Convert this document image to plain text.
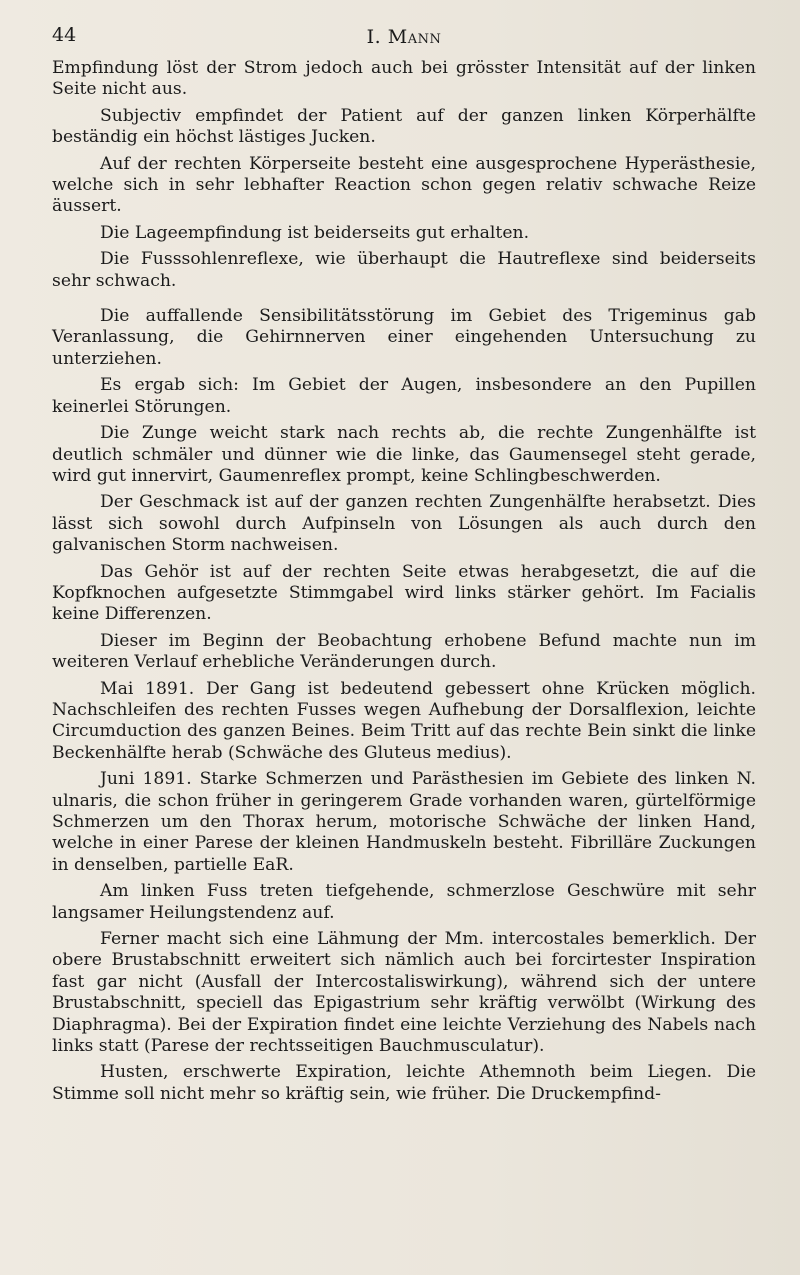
44	I. Mann

Empfindung löst der Strom jedoch auch bei grösster Intensität auf der linken Seite nicht aus.

Subjectiv empfindet der Patient auf der ganzen linken Körperhälfte beständig ein höchst lästiges Jucken.

Auf der rechten Körperseite besteht eine ausgesprochene Hyperästhesie, welche sich in sehr lebhafter Reaction schon gegen relativ schwache Reize äussert.

Die Lageempfindung ist beiderseits gut erhalten.

Die Fusssohlenreflexe, wie überhaupt die Hautreflexe sind beiderseits sehr schwach.

Die auffallende Sensibilitätsstörung im Gebiet des Trigeminus gab Veranlassung, die Gehirnnerven einer eingehenden Untersuchung zu unterziehen.

Es ergab sich: Im Gebiet der Augen, insbesondere an den Pupillen keinerlei Störungen.

Die Zunge weicht stark nach rechts ab, die rechte Zungenhälfte ist deutlich schmäler und dünner wie die linke, das Gaumensegel steht gerade, wird gut innervirt, Gaumenreflex prompt, keine Schlingbeschwerden.

Der Geschmack ist auf der ganzen rechten Zungenhälfte herabsetzt. Dies lässt sich sowohl durch Aufpinseln von Lösungen als auch durch den galvanischen Storm nachweisen.

Das Gehör ist auf der rechten Seite etwas herabgesetzt, die auf die Kopfknochen aufgesetzte Stimmgabel wird links stärker gehört. Im Facialis keine Differenzen.

Dieser im Beginn der Beobachtung erhobene Befund machte nun im weiteren Verlauf erhebliche Veränderungen durch.

Mai 1891. Der Gang ist bedeutend gebessert ohne Krücken möglich. Nachschleifen des rechten Fusses wegen Aufhebung der Dorsalflexion, leichte Circumduction des ganzen Beines. Beim Tritt auf das rechte Bein sinkt die linke Beckenhälfte herab (Schwäche des Gluteus medius).

Juni 1891. Starke Schmerzen und Parästhesien im Gebiete des linken N. ulnaris, die schon früher in geringerem Grade vorhanden waren, gürtelförmige Schmerzen um den Thorax herum, motorische Schwäche der linken Hand, welche in einer Parese der kleinen Handmuskeln besteht. Fibrilläre Zuckungen in denselben, partielle EaR.

Am linken Fuss treten tiefgehende, schmerzlose Geschwüre mit sehr langsamer Heilungstendenz auf.

Ferner macht sich eine Lähmung der Mm. intercostales bemerklich. Der obere Brustabschnitt erweitert sich nämlich auch bei forcirtester Inspiration fast gar nicht (Ausfall der Intercostaliswirkung), während sich der untere Brustabschnitt, speciell das Epigastrium sehr kräftig verwölbt (Wirkung des Diaphragma). Bei der Expiration findet eine leichte Verziehung des Nabels nach links statt (Parese der rechtsseitigen Bauchmusculatur).

Husten, erschwerte Expiration, leichte Athemnoth beim Liegen. Die Stimme soll nicht mehr so kräftig sein, wie früher. Die Druckempfind-
